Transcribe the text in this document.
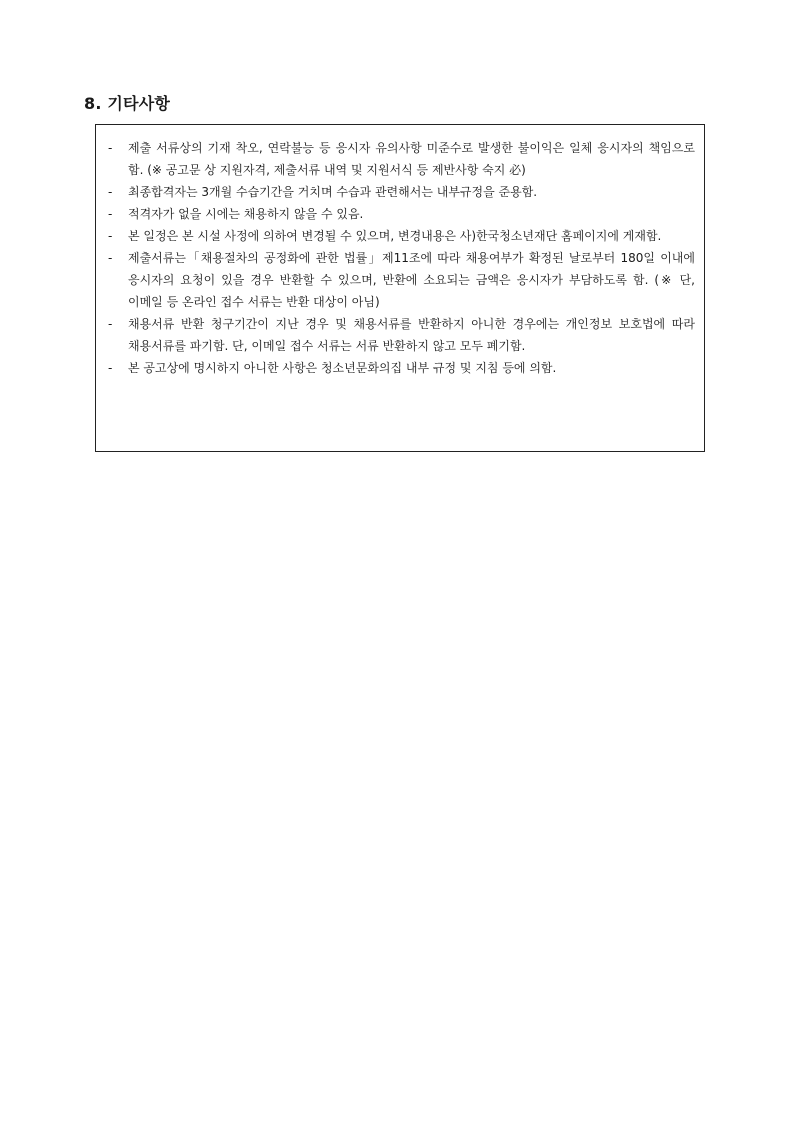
8. 기타사항
-	제출 서류상의 기재 착오, 연락불능 등 응시자 유의사항 미준수로 발생한 불이익은 일체 응시자의 책임으로 함. (※ 공고문 상 지원자격, 제출서류 내역 및 지원서식 등 제반사항 숙지 必)
-	최종합격자는 3개월 수습기간을 거치며 수습과 관련해서는 내부규정을 준용함.
-	적격자가 없을 시에는 채용하지 않을 수 있음.
-	본 일정은 본 시설 사정에 의하여 변경될 수 있으며, 변경내용은 사)한국청소년재단 홈페이지에 게재함.
-	제출서류는「채용절차의 공정화에 관한 법률」제11조에 따라 채용여부가 확정된 날로부터 180일 이내에 응시자의 요청이 있을 경우 반환할 수 있으며, 반환에 소요되는 금액은 응시자가 부담하도록 함. (※ 단, 이메일 등 온라인 접수 서류는 반환 대상이 아님)
-	채용서류 반환 청구기간이 지난 경우 및 채용서류를 반환하지 아니한 경우에는 개인정보 보호법에 따라 채용서류를 파기함. 단, 이메일 접수 서류는 서류 반환하지 않고 모두 폐기함.
-	본 공고상에 명시하지 아니한 사항은 청소년문화의집 내부 규정 및 지침 등에 의함.
